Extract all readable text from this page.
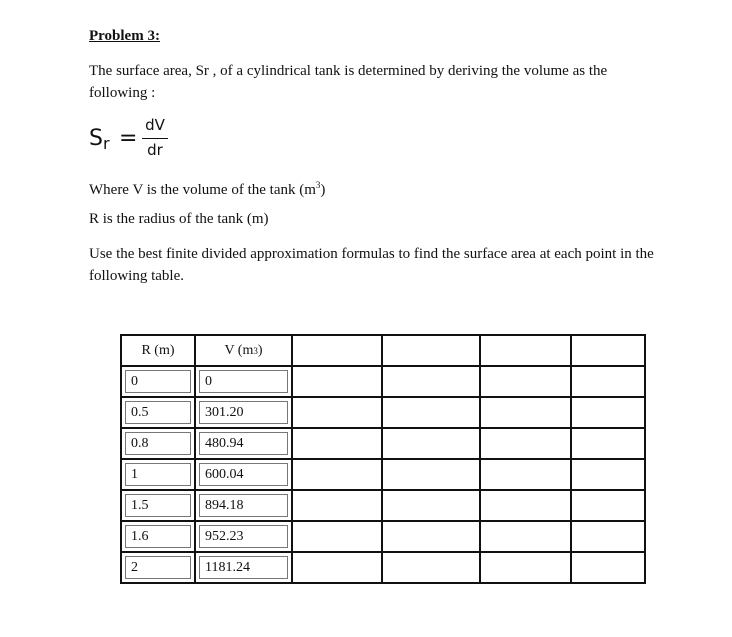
Problem 3:
The surface area, Sr , of a cylindrical tank is determined by deriving the volume as the following :
$S_r$ =
dV
dr
Where V is the volume of the tank $(m^3)$
R is the radius of the tank (m)
Use the best finite divided approximation formulas to find the surface area at each point in the following table.
R (m)	V (m 3 )				

0	0				

0.5	301.20				

0.8	480.94				

1	600.04				

1.5	894.18				

1.6	952.23				

2	1181.24				
